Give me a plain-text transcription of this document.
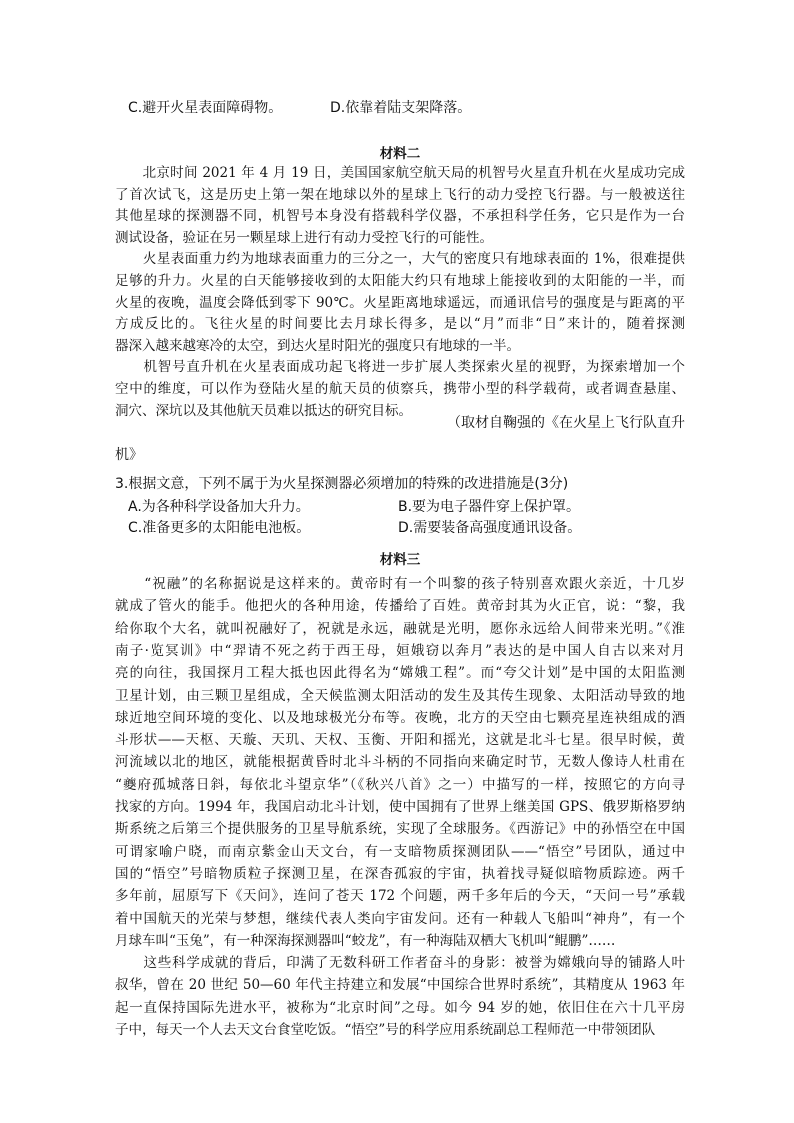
C.避开火星表面障碍物。	D.依靠着陆支架降落。
材料二
　　北京时间 2021 年 4 月 19 日，美国国家航空航天局的机智号火星直升机在火星成功完成
了首次试飞，这是历史上第一架在地球以外的星球上飞行的动力受控飞行器。与一般被送往
其他星球的探测器不同，机智号本身没有搭载科学仪器，不承担科学任务，它只是作为一台
测试设备，验证在另一颗星球上进行有动力受控飞行的可能性。
　　火星表面重力约为地球表面重力的三分之一，大气的密度只有地球表面的 1%，很难提供
足够的升力。火星的白天能够接收到的太阳能大约只有地球上能接收到的太阳能的一半，而
火星的夜晚，温度会降低到零下 90℃。火星距离地球遥远，而通讯信号的强度是与距离的平
方成反比的。飞往火星的时间要比去月球长得多，是以“月”而非“日”来计的，随着探测
器深入越来越寒冷的太空，到达火星时阳光的强度只有地球的一半。
　　机智号直升机在火星表面成功起飞将进一步扩展人类探索火星的视野，为探索增加一个
空中的维度，可以作为登陆火星的航天员的侦察兵，携带小型的科学载荷，或者调查悬崖、
洞穴、深坑以及其他航天员难以抵达的研究目标。
（取材自鞠强的《在火星上飞行队直升
机》
3.根据文意，下列不属于为火星探测器必须增加的特殊的改进措施是(3分)
A.为各种科学设备加大升力。	B.要为电子器件穿上保护罩。
C.准备更多的太阳能电池板。	D.需要装备高强度通讯设备。
材料三
　　“祝融”的名称据说是这样来的。黄帝时有一个叫黎的孩子特别喜欢跟火亲近，十几岁
就成了管火的能手。他把火的各种用途，传播给了百姓。黄帝封其为火正官，说：“黎，我
给你取个大名，就叫祝融好了，祝就是永远，融就是光明，愿你永远给人间带来光明。”《淮
南子·览冥训》中“羿请不死之药于西王母，姮娥窃以奔月”表达的是中国人自古以来对月
亮的向往，我国探月工程大抵也因此得名为“嫦娥工程”。而“夸父计划”是中国的太阳监测
卫星计划，由三颗卫星组成，全天候监测太阳活动的发生及其传生现象、太阳活动导致的地
球近地空间环境的变化、以及地球极光分布等。夜晚，北方的天空由七颗亮星连袂组成的酒
斗形状——天枢、天璇、天玑、天权、玉衡、开阳和摇光，这就是北斗七星。很早时候，黄
河流域以北的地区，就能根据黄昏时北斗斗柄的不同指向来确定时节，无数人像诗人杜甫在
“夔府孤城落日斜，每依北斗望京华”（《秋兴八首》之一）中描写的一样，按照它的方向寻
找家的方向。1994 年，我国启动北斗计划，使中国拥有了世界上继美国 GPS、俄罗斯格罗纳
斯系统之后第三个提供服务的卫星导航系统，实现了全球服务。《西游记》中的孙悟空在中国
可谓家喻户晓，而南京紫金山天文台，有一支暗物质探测团队——“悟空”号团队，通过中
国的“悟空”号暗物质粒子探测卫星，在深杳孤寂的宇宙，执着找寻疑似暗物质踪迹。两千
多年前，屈原写下《天问》，连问了苍天 172 个问题，两千多年后的今天，“天问一号”承载
着中国航天的光荣与梦想，继续代表人类向宇宙发问。还有一种载人飞船叫“神舟”，有一个
月球车叫“玉兔”，有一种深海探测器叫“蛟龙”，有一种海陆双栖大飞机叫“鲲鹏”……
　　这些科学成就的背后，印满了无数科研工作者奋斗的身影：被誉为嫦娥向导的铺路人叶
叔华，曾在 20 世纪 50—60 年代主持建立和发展“中国综合世界时系统”，其精度从 1963 年
起一直保持国际先进水平，被称为“北京时间”之母。如今 94 岁的她，依旧住在六十几平房
子中，每天一个人去天文台食堂吃饭。“悟空”号的科学应用系统副总工程师范一中带领团队
